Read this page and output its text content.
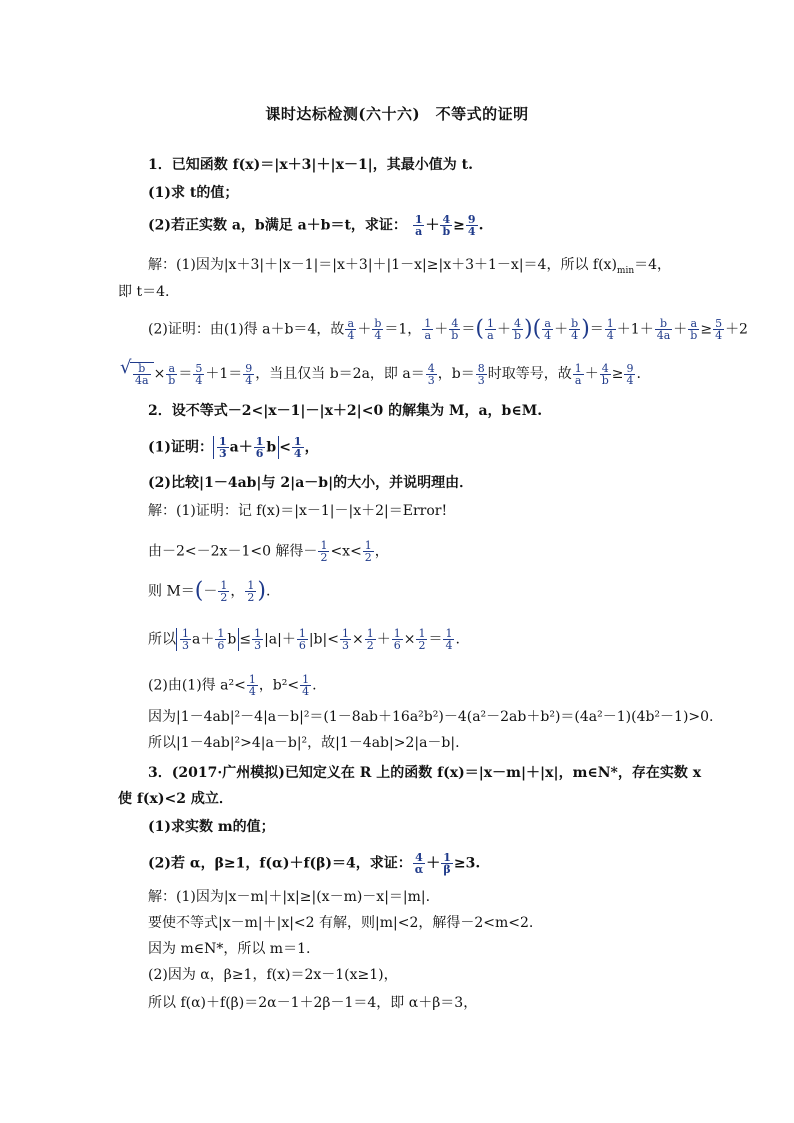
课时达标检测(六十六)　不等式的证明
1．已知函数 f(x)＝|x＋3|＋|x－1|，其最小值为 t.
(1)求 t的值；
(2)若正实数 a，b满足 a＋b＝t，求证： $\frac{1}{a} + \frac{4}{b} \ge \frac{9}{4}$ .
解：(1)因为|x＋3|＋|x－1|＝|x＋3|＋|1－x|≥|x＋3＋1－x|＝4，所以 $f(x)_{min}=4$，
即 t＝4.
(2)证明：由(1)得 a＋b＝4，故 $\frac{a}{4} + \frac{b}{4} =1$， $\frac{1}{a} + \frac{4}{b}$ ＝( $\frac{1}{a} + \frac{4}{b}$ )( $\frac{a}{4} + \frac{b}{4}$ )＝ $\frac{1}{4} +1+ \frac{b}{4a} + \frac{a}{b} \ge \frac{5}{4} +2$
√ $\frac{b}{4a} \times \frac{a}{b} = \frac{5}{4} +1= \frac{9}{4}$ ，当且仅当 b＝2a，即 $a= \frac{4}{3}$ ，$b= \frac{8}{3}$ 时取等号，故 $\frac{1}{a} + \frac{4}{b} \ge \frac{9}{4}$ .
2．设不等式－2<|x－1|－|x＋2|<0 的解集为 M，a，b∈M.
(1)证明： $\frac{1}{3} a+ \frac{1}{6}$ $b < \frac{1}{4}$ ，
(2)比较|1－4ab|与 2|a－b|的大小，并说明理由．
解：(1)证明：记 f(x)＝|x－1|－|x＋2|＝Error!
由－2<－2x－1<0 解得－ $\frac{1}{2} <x< \frac{1}{2}$ ，
则 $M=(- \frac{1}{2}$ ， $\frac{1}{2}$ ).
所以 $\frac{1}{3} a+ \frac{1}{6}$ $b \le \frac{1}{3} |a|+ \frac{1}{6} |b|< \frac{1}{3} \times \frac{1}{2} + \frac{1}{6} \times \frac{1}{2} = \frac{1}{4}$ .
(2)由(1)得 $a^2< \frac{1}{4}$ ，$b^2< \frac{1}{4}$ .
因为|1－4ab|²－4|a－b|²＝(1－8ab＋16a²b²)－4(a²－2ab＋b²)＝(4a²－1)(4b²－1)>0.
所以|1－4ab|²>4|a－b|²，故|1－4ab|>2|a－b|.
3．(2017·广州模拟)已知定义在 R 上的函数 f(x)＝|x－m|＋|x|，m∈N*，存在实数 x
使 f(x)<2 成立．
(1)求实数 m的值；
(2)若 α，β≥1，f(α)＋f(β)＝4，求证： $\frac{4}{\alpha} + \frac{1}{\beta} \ge 3$.
解：(1)因为|x－m|＋|x|≥|(x－m)－x|＝|m|.
要使不等式|x－m|＋|x|<2 有解，则|m|<2，解得－2<m<2.
因为 m∈N*，所以 m＝1.
(2)因为 α，β≥1，f(x)＝2x－1(x≥1)，
所以 f(α)＋f(β)＝2α－1＋2β－1＝4，即 α＋β＝3，
